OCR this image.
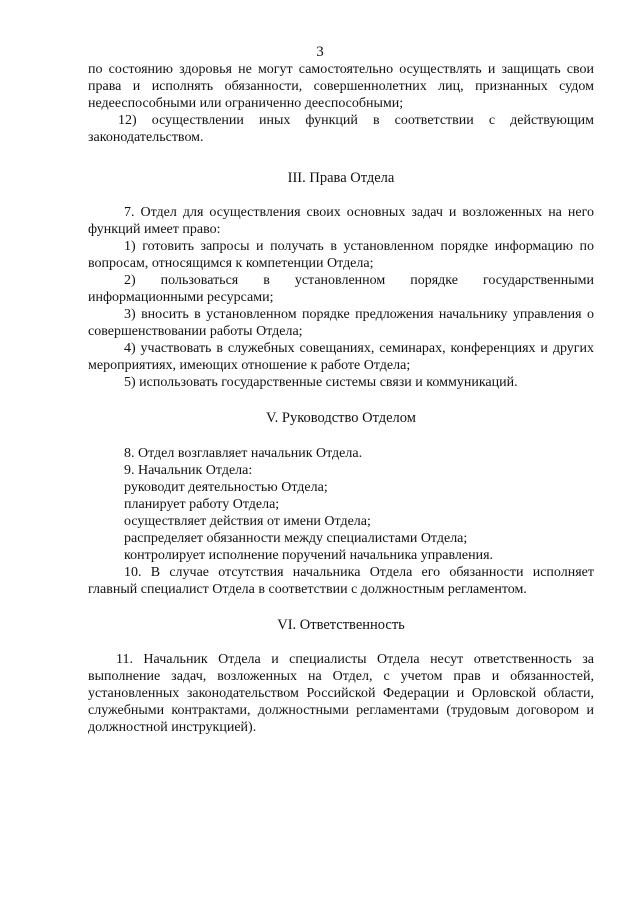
3

по состоянию здоровья не могут самостоятельно осуществлять и защищать свои права и исполнять обязанности, совершеннолетних лиц, признанных судом недееспособными или ограниченно дееспособными;

12) осуществлении иных функций в соответствии с действующим законодательством.

III. Права Отдела

7. Отдел для осуществления своих основных задач и возложенных на него функций имеет право:

1) готовить запросы и получать в установленном порядке информацию по вопросам, относящимся к компетенции Отдела;

2) пользоваться в установленном порядке государственными информационными ресурсами;

3) вносить в установленном порядке предложения начальнику управления о совершенствовании работы Отдела;

4) участвовать в служебных совещаниях, семинарах, конференциях и других мероприятиях, имеющих отношение к работе Отдела;

5) использовать государственные системы связи и коммуникаций.

V. Руководство Отделом

8. Отдел возглавляет начальник Отдела.

9. Начальник Отдела:

руководит деятельностью Отдела;

планирует работу Отдела;

осуществляет действия от имени Отдела;

распределяет обязанности между специалистами Отдела;

контролирует исполнение поручений начальника управления.

10. В случае отсутствия начальника Отдела его обязанности исполняет главный специалист Отдела в соответствии с должностным регламентом.

VI. Ответственность

11. Начальник Отдела и специалисты Отдела несут ответственность за выполнение задач, возложенных на Отдел, с учетом прав и обязанностей, установленных законодательством Российской Федерации и Орловской области, служебными контрактами, должностными регламентами (трудовым договором и должностной инструкцией).
